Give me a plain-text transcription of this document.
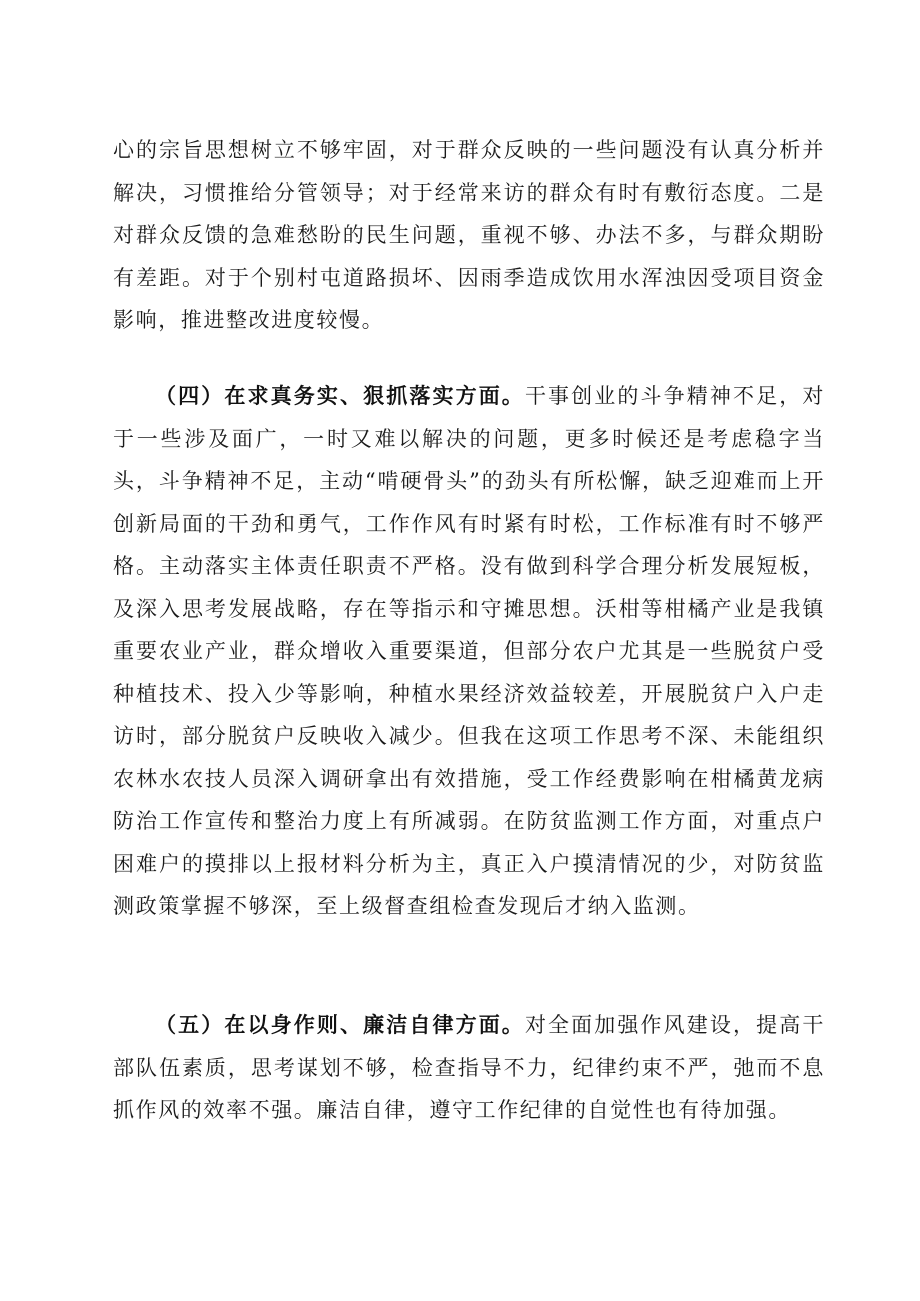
心的宗旨思想树立不够牢固，对于群众反映的一些问题没有认真分析并解决，习惯推给分管领导；对于经常来访的群众有时有敷衍态度。二是对群众反馈的急难愁盼的民生问题，重视不够、办法不多，与群众期盼有差距。对于个别村屯道路损坏、因雨季造成饮用水浑浊因受项目资金影响，推进整改进度较慢。

（四）在求真务实、狠抓落实方面。干事创业的斗争精神不足，对于一些涉及面广，一时又难以解决的问题，更多时候还是考虑稳字当头，斗争精神不足，主动“啃硬骨头”的劲头有所松懈，缺乏迎难而上开创新局面的干劲和勇气，工作作风有时紧有时松，工作标准有时不够严格。主动落实主体责任职责不严格。没有做到科学合理分析发展短板，及深入思考发展战略，存在等指示和守摊思想。沃柑等柑橘产业是我镇重要农业产业，群众增收入重要渠道，但部分农户尤其是一些脱贫户受种植技术、投入少等影响，种植水果经济效益较差，开展脱贫户入户走访时，部分脱贫户反映收入减少。但我在这项工作思考不深、未能组织农林水农技人员深入调研拿出有效措施，受工作经费影响在柑橘黄龙病防治工作宣传和整治力度上有所减弱。在防贫监测工作方面，对重点户困难户的摸排以上报材料分析为主，真正入户摸清情况的少，对防贫监测政策掌握不够深，至上级督查组检查发现后才纳入监测。

（五）在以身作则、廉洁自律方面。对全面加强作风建设，提高干部队伍素质，思考谋划不够，检查指导不力，纪律约束不严，弛而不息抓作风的效率不强。廉洁自律，遵守工作纪律的自觉性也有待加强。
